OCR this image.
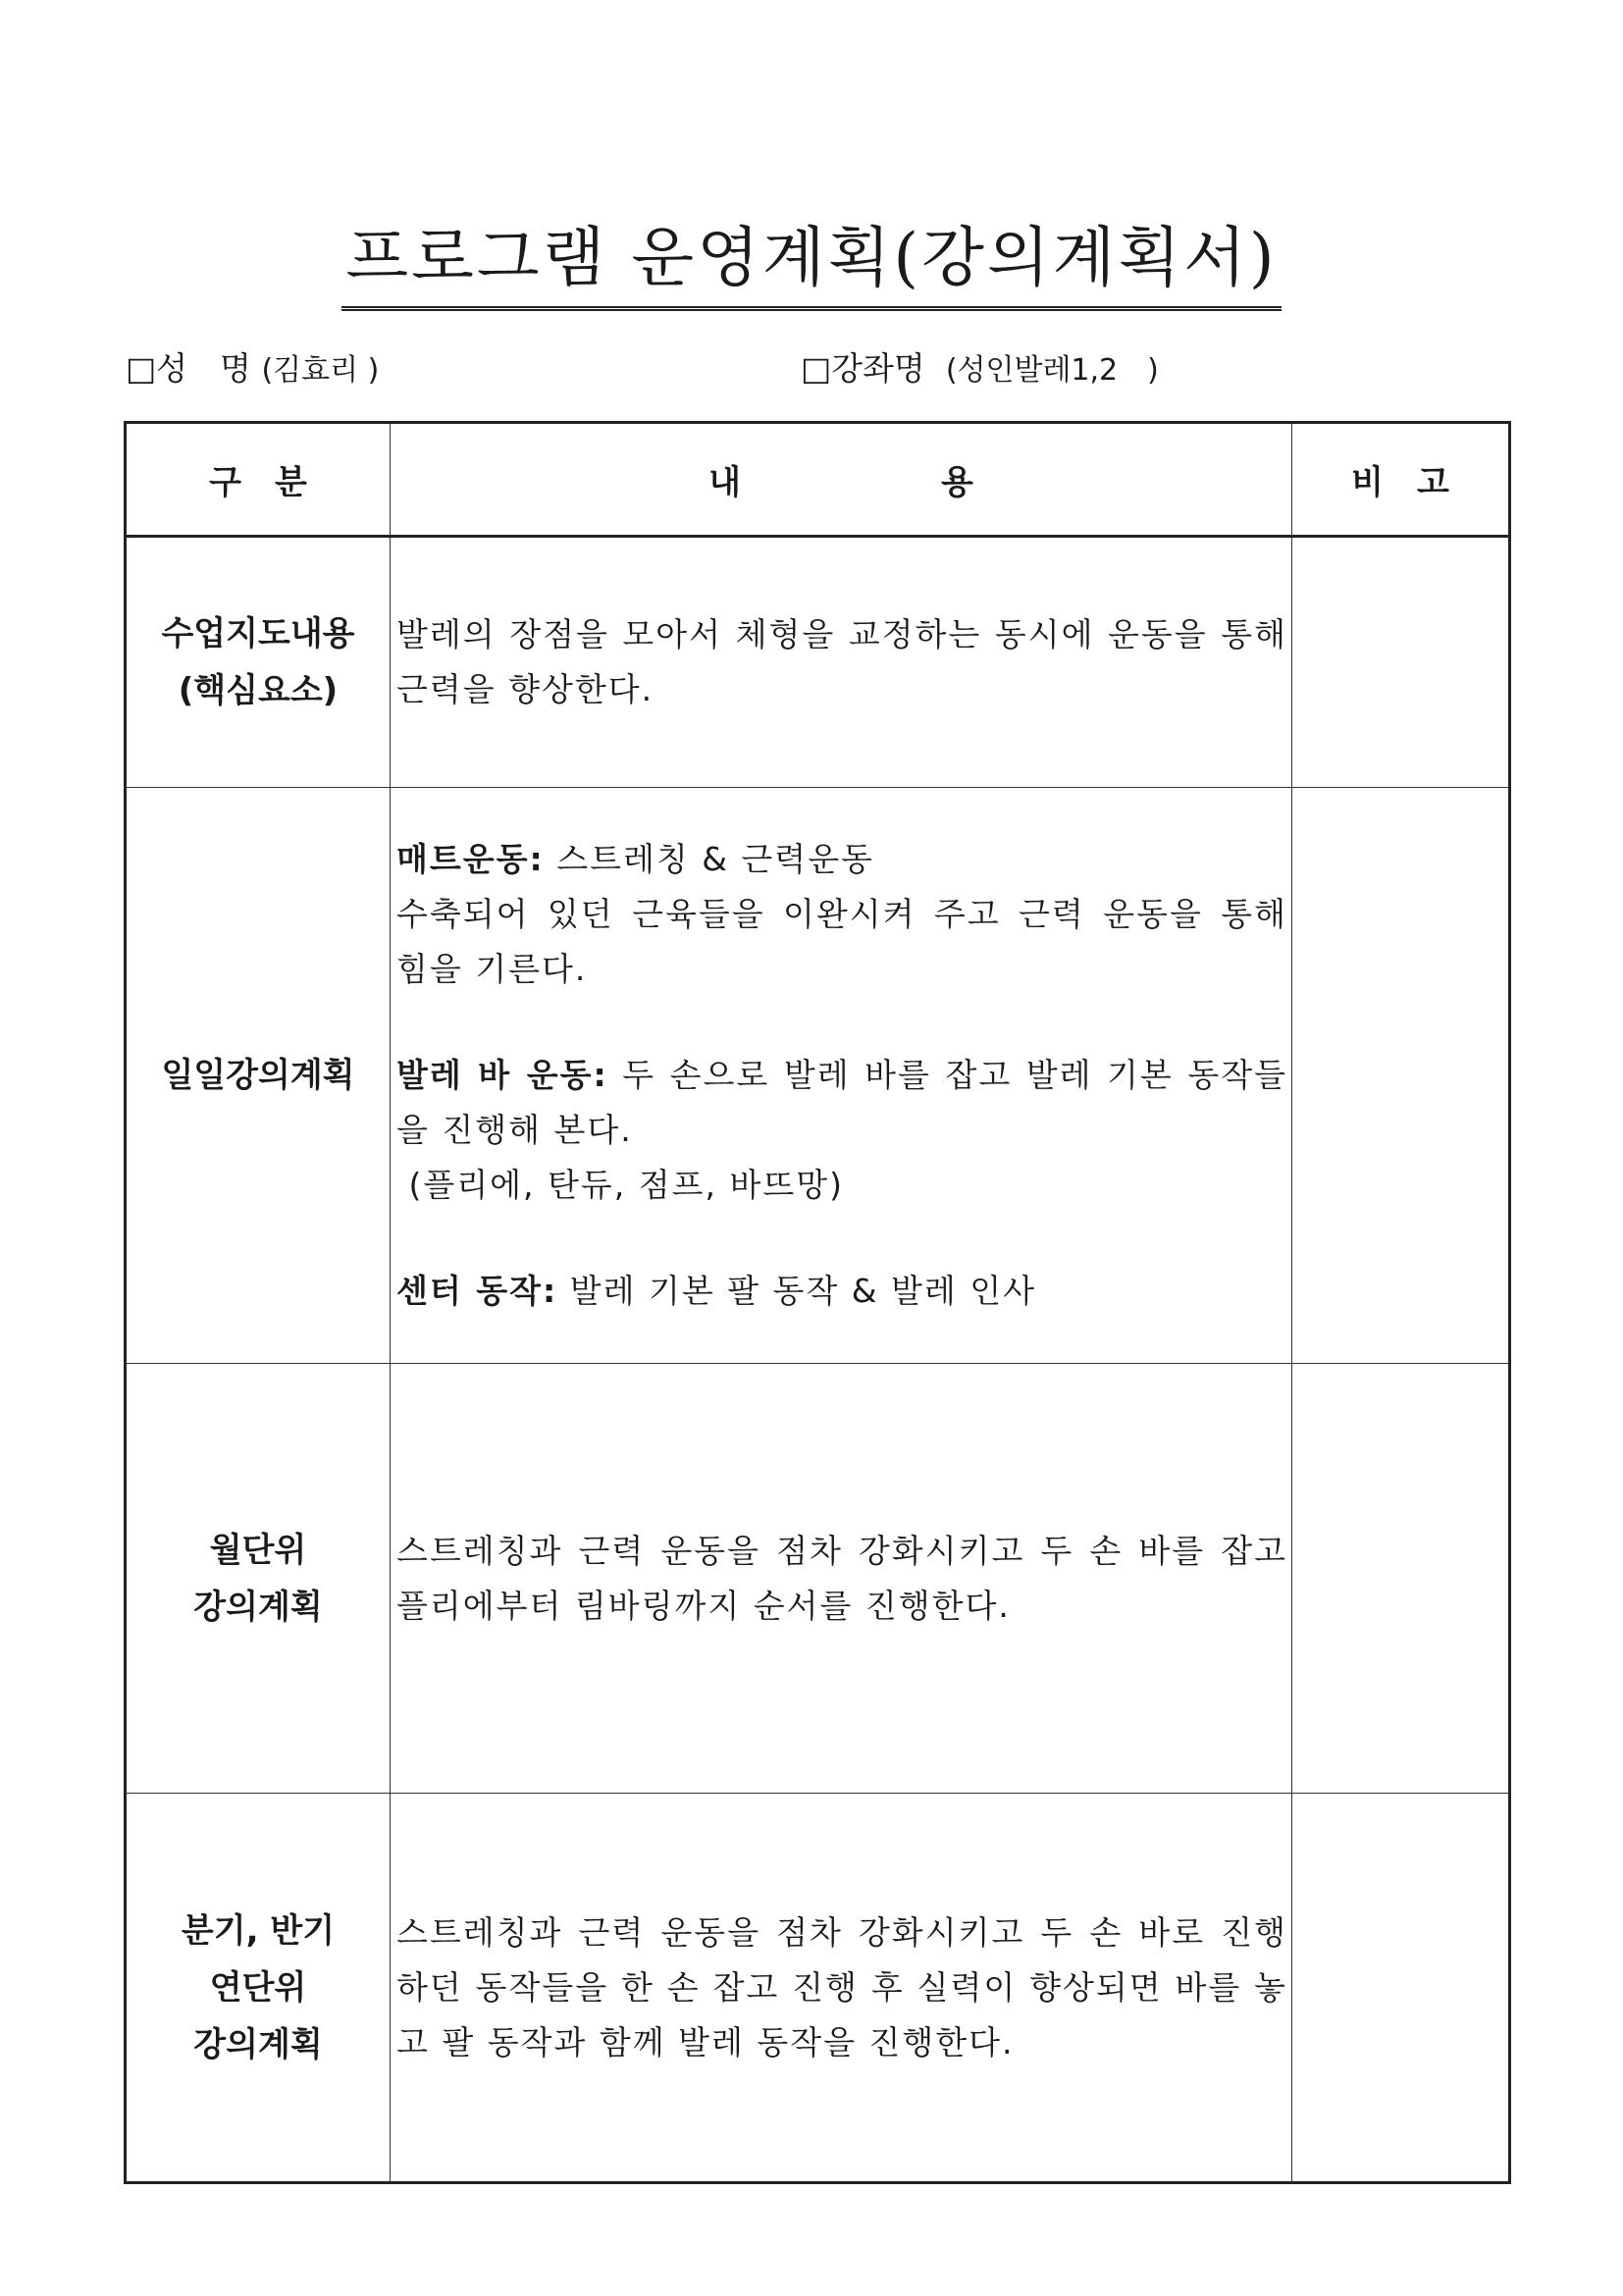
프로그램 운영계획(강의계획서)
□성　명 (김효리 )	□강좌명 (성인발레1,2　)
구　분	내　　　　　　용	비　고

수업지도내용
(핵심요소)	발레의 장점을 모아서 체형을 교정하는 동시에 운동을 통해 근력을 향상한다.	

일일강의계획	매트운동: 스트레칭 & 근력운동

수축되어 있던 근육들을 이완시켜 주고 근력 운동을 통해 힘을 기른다.

발레 바 운동: 두 손으로 발레 바를 잡고 발레 기본 동작들을 진행해 본다.

(플리에, 탄듀, 점프, 바뜨망)

센터 동작: 발레 기본 팔 동작 & 발레 인사	

월단위
강의계획	스트레칭과 근력 운동을 점차 강화시키고 두 손 바를 잡고 플리에부터 림바링까지 순서를 진행한다.	

분기, 반기
연단위
강의계획	스트레칭과 근력 운동을 점차 강화시키고 두 손 바로 진행하던 동작들을 한 손 잡고 진행 후 실력이 향상되면 바를 놓고 팔 동작과 함께 발레 동작을 진행한다.	
